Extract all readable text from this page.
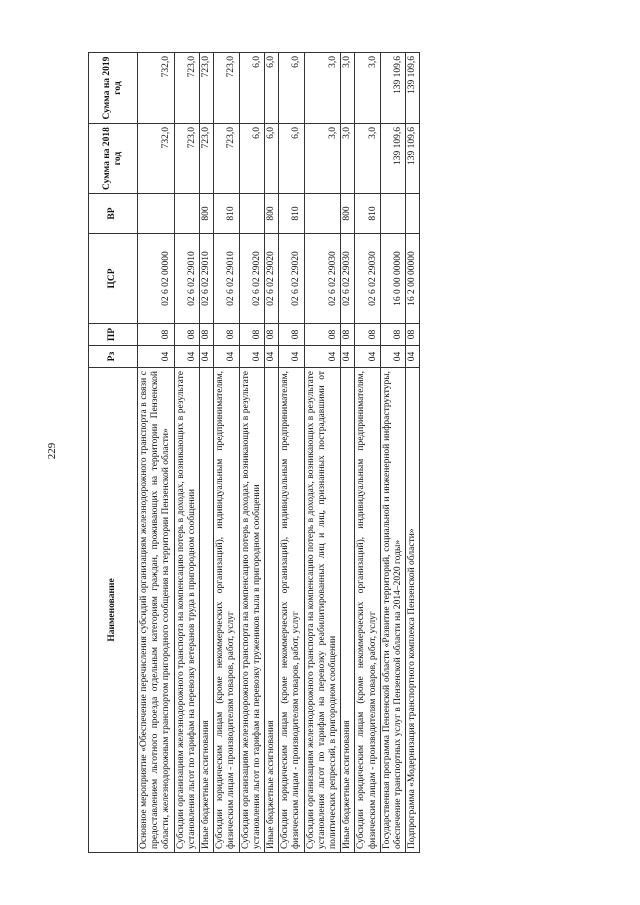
229
Наименование	Рз	ПР	ЦСР	ВР	Сумма на 2018 год	Сумма на 2019 год
Основное мероприятие «Обеспечение перечисления субсидий организациям железнодорожного транспорта в связи с предоставлением льготного проезда отдельным категориям граждан, проживающих на территории Пензенской области, железнодорожным транспортом пригородного сообщения на территории Пензенской области»	04	08	02 6 02 00000		732,0	732,0
Субсидии организациям железнодорожного транспорта на компенсацию потерь в доходах, возникающих в результате установления льгот по тарифам на перевозку ветеранов труда в пригородном сообщении	04	08	02 6 02 29010		723,0	723,0
Иные бюджетные ассигнования	04	08	02 6 02 29010	800	723,0	723,0
Субсидии юридическим лицам (кроме некоммерческих организаций), индивидуальным предпринимателям, физическим лицам - производителям товаров, работ, услуг	04	08	02 6 02 29010	810	723,0	723,0
Субсидии организациям железнодорожного транспорта на компенсацию потерь в доходах, возникающих в результате установления льгот по тарифам на перевозку тружеников тыла в пригородном сообщении	04	08	02 6 02 29020		6,0	6,0
Иные бюджетные ассигнования	04	08	02 6 02 29020	800	6,0	6,0
Субсидии юридическим лицам (кроме некоммерческих организаций), индивидуальным предпринимателям, физическим лицам - производителям товаров, работ, услуг	04	08	02 6 02 29020	810	6,0	6,0
Субсидии организациям железнодорожного транспорта на компенсацию потерь в доходах, возникающих в результате установления льгот по тарифам на перевозку реабилитированных лиц и лиц, признанных пострадавшими от политических репрессий, в пригородном сообщении	04	08	02 6 02 29030		3,0	3,0
Иные бюджетные ассигнования	04	08	02 6 02 29030	800	3,0	3,0
Субсидии юридическим лицам (кроме некоммерческих организаций), индивидуальным предпринимателям, физическим лицам - производителям товаров, работ, услуг	04	08	02 6 02 29030	810	3,0	3,0
Государственная программа Пензенской области «Развитие территорий, социальной и инженерной инфраструктуры, обеспечение транспортных услуг в Пензенской области на 2014–2020 годы»	04	08	16 0 00 00000		139 109,6	139 109,6
Подпрограмма «Модернизация транспортного комплекса Пензенской области»	04	08	16 2 00 00000		139 109,6	139 109,6
